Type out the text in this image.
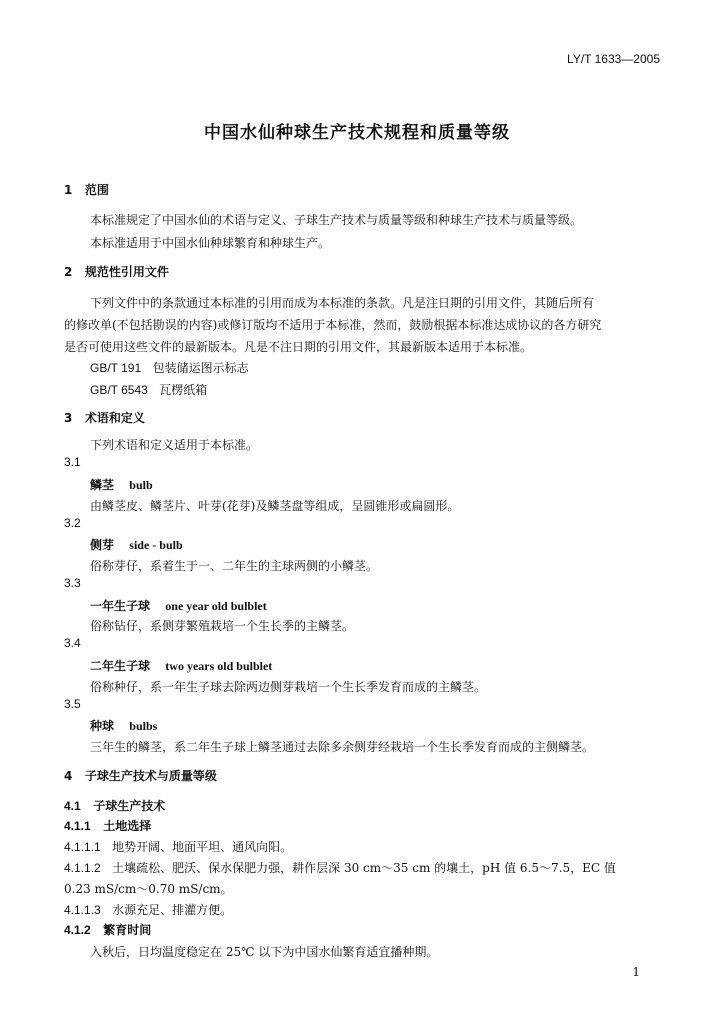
LY/T 1633—2005
中国水仙种球生产技术规程和质量等级
1 范围
本标准规定了中国水仙的术语与定义、子球生产技术与质量等级和种球生产技术与质量等级。
本标准适用于中国水仙种球繁育和种球生产。
2 规范性引用文件
下列文件中的条款通过本标准的引用而成为本标准的条款。凡是注日期的引用文件，其随后所有
的修改单(不包括勘误的内容)或修订版均不适用于本标准，然而，鼓励根据本标准达成协议的各方研究
是否可使用这些文件的最新版本。凡是不注日期的引用文件，其最新版本适用于本标准。
GB/T 191 包装储运图示标志
GB/T 6543 瓦楞纸箱
3 术语和定义
下列术语和定义适用于本标准。
3.1
鳞茎 bulb
由鳞茎皮、鳞茎片、叶芽(花芽)及鳞茎盘等组成，呈圆锥形或扁圆形。
3.2
侧芽 side - bulb
俗称芽仔，系着生于一、二年生的主球两侧的小鳞茎。
3.3
一年生子球 one year old bulblet
俗称钻仔，系侧芽繁殖栽培一个生长季的主鳞茎。
3.4
二年生子球 two years old bulblet
俗称种仔，系一年生子球去除两边侧芽栽培一个生长季发育而成的主鳞茎。
3.5
种球 bulbs
三年生的鳞茎，系二年生子球上鳞茎通过去除多余侧芽经栽培一个生长季发育而成的主侧鳞茎。
4 子球生产技术与质量等级
4.1 子球生产技术
4.1.1 土地选择
4.1.1.1 地势开阔、地面平坦、通风向阳。
4.1.1.2 土壤疏松、肥沃、保水保肥力强，耕作层深 30 cm～35 cm 的壤土，pH 值 6.5～7.5，EC 值
0.23 mS/cm～0.70 mS/cm。
4.1.1.3 水源充足、排灌方便。
4.1.2 繁育时间
入秋后，日均温度稳定在 25℃ 以下为中国水仙繁育适宜播种期。
1
